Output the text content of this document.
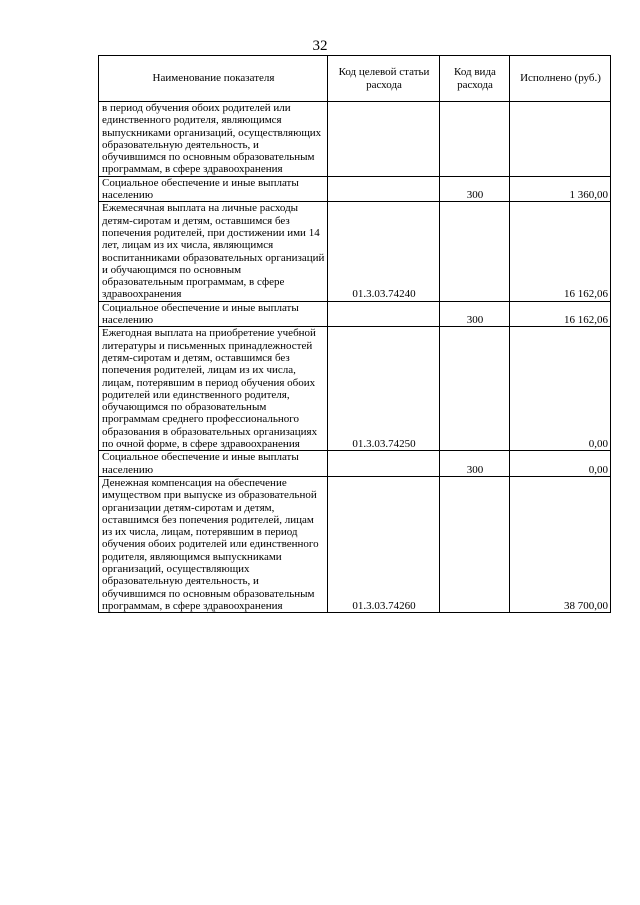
32
Наименование показателя	Код целевой статьи расхода	Код вида расхода	Исполнено (руб.)
в период обучения обоих родителей или единственного родителя, являющимся выпускниками организаций, осуществляющих образовательную деятельность, и обучившимся по основным образовательным программам, в сфере здравоохранения			
Социальное обеспечение и иные выплаты населению		300	1 360,00
Ежемесячная выплата на личные расходы детям-сиротам и детям, оставшимся без попечения родителей, при достижении ими 14 лет, лицам из их числа, являющимся воспитанниками образовательных организаций и обучающимся по основным образовательным программам, в сфере здравоохранения	01.3.03.74240		16 162,06
Социальное обеспечение и иные выплаты населению		300	16 162,06
Ежегодная выплата на приобретение учебной литературы и письменных принадлежностей детям-сиротам и детям, оставшимся без попечения родителей, лицам из их числа, лицам, потерявшим в период обучения обоих родителей или единственного родителя, обучающимся по образовательным программам среднего профессионального образования в образовательных организациях по очной форме, в сфере здравоохранения	01.3.03.74250		0,00
Социальное обеспечение и иные выплаты населению		300	0,00
Денежная компенсация на обеспечение имуществом при выпуске из образовательной организации детям-сиротам и детям, оставшимся без попечения родителей, лицам из их числа, лицам, потерявшим в период обучения обоих родителей или единственного родителя, являющимся выпускниками организаций, осуществляющих образовательную деятельность, и обучившимся по основным образовательным программам, в сфере здравоохранения	01.3.03.74260		38 700,00
